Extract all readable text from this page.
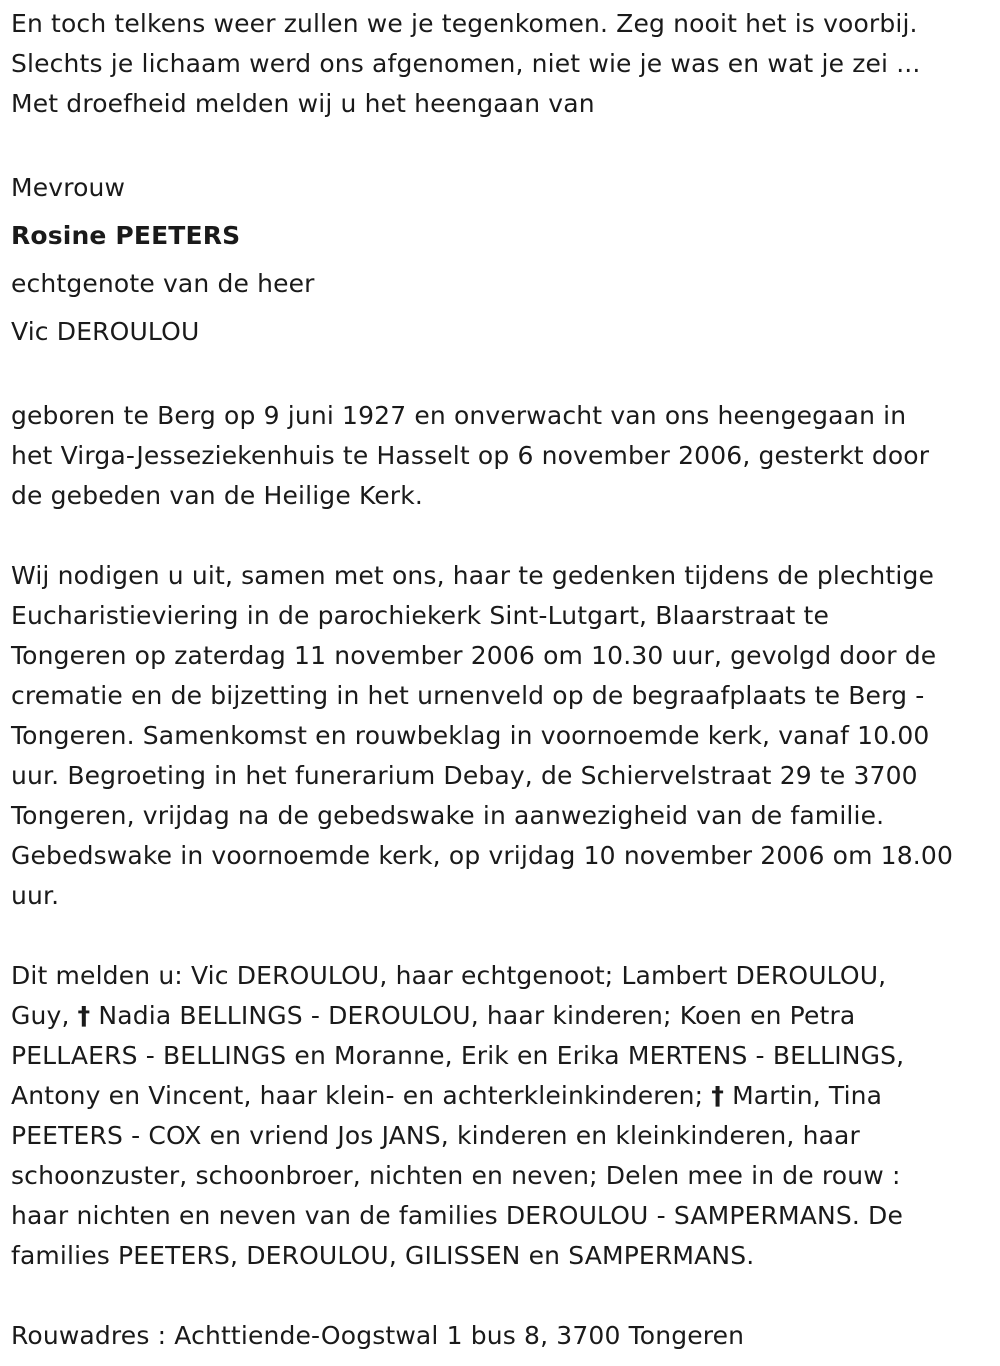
En toch telkens weer zullen we je tegenkomen. Zeg nooit het is voorbij.
Slechts je lichaam werd ons afgenomen, niet wie je was en wat je zei ...
Met droefheid melden wij u het heengaan van
Mevrouw
Rosine PEETERS
echtgenote van de heer
Vic DEROULOU
geboren te Berg op 9 juni 1927 en onverwacht van ons heengegaan in
het Virga-Jesseziekenhuis te Hasselt op 6 november 2006, gesterkt door
de gebeden van de Heilige Kerk.
Wij nodigen u uit, samen met ons, haar te gedenken tijdens de plechtige
Eucharistieviering in de parochiekerk Sint-Lutgart, Blaarstraat te
Tongeren op zaterdag 11 november 2006 om 10.30 uur, gevolgd door de
crematie en de bijzetting in het urnenveld op de begraafplaats te Berg -
Tongeren. Samenkomst en rouwbeklag in voornoemde kerk, vanaf 10.00
uur. Begroeting in het funerarium Debay, de Schiervelstraat 29 te 3700
Tongeren, vrijdag na de gebedswake in aanwezigheid van de familie.
Gebedswake in voornoemde kerk, op vrijdag 10 november 2006 om 18.00
uur.
Dit melden u: Vic DEROULOU, haar echtgenoot; Lambert DEROULOU,
Guy, † Nadia BELLINGS - DEROULOU, haar kinderen; Koen en Petra
PELLAERS - BELLINGS en Moranne, Erik en Erika MERTENS - BELLINGS,
Antony en Vincent, haar klein- en achterkleinkinderen; † Martin, Tina
PEETERS - COX en vriend Jos JANS, kinderen en kleinkinderen, haar
schoonzuster, schoonbroer, nichten en neven; Delen mee in de rouw :
haar nichten en neven van de families DEROULOU - SAMPERMANS. De
families PEETERS, DEROULOU, GILISSEN en SAMPERMANS.
Rouwadres : Achttiende-Oogstwal 1 bus 8, 3700 Tongeren
